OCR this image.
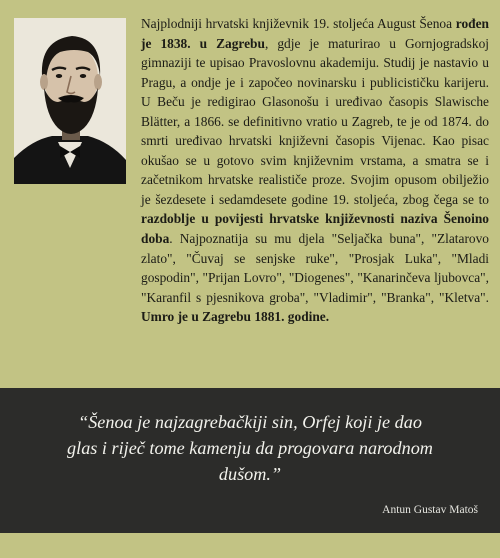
Najplodniji hrvatski književnik 19. stoljeća August Šenoa rođen je 1838. u Zagrebu, gdje je maturirao u Gornjogradskoj gimnaziji te upisao Pravoslovnu akademiju. Studij je nastavio u Pragu, a ondje je i započeo novinarsku i publicističku karijeru. U Beču je redigirao Glasonošu i uređivao časopis Slawische Blätter, a 1866. se definitivno vratio u Zagreb, te je od 1874. do smrti uređivao hrvatski književni časopis Vijenac. Kao pisac okušao se u gotovo svim književnim vrstama, a smatra se i začetnikom hrvatske realističe proze. Svojim opusom obilježio je šezdesete i sedamdesete godine 19. stoljeća, zbog čega se to razdoblje u povijesti hrvatske književnosti naziva Šenoino doba. Najpoznatija su mu djela "Seljačka buna", "Zlatarovo zlato", "Čuvaj se senjske ruke", "Prosjak Luka", "Mladi gospodin", "Prijan Lovro", "Diogenes", "Kanarinčeva ljubovca", "Karanfil s pjesnikova groba", "Vladimir", "Branka", "Kletva". Umro je u Zagrebu 1881. godine.
“Šenoa je najzagrebačkiji sin, Orfej koji je dao glas i riječ tome kamenju da progovara narodnom dušom.”
Antun Gustav Matoš
